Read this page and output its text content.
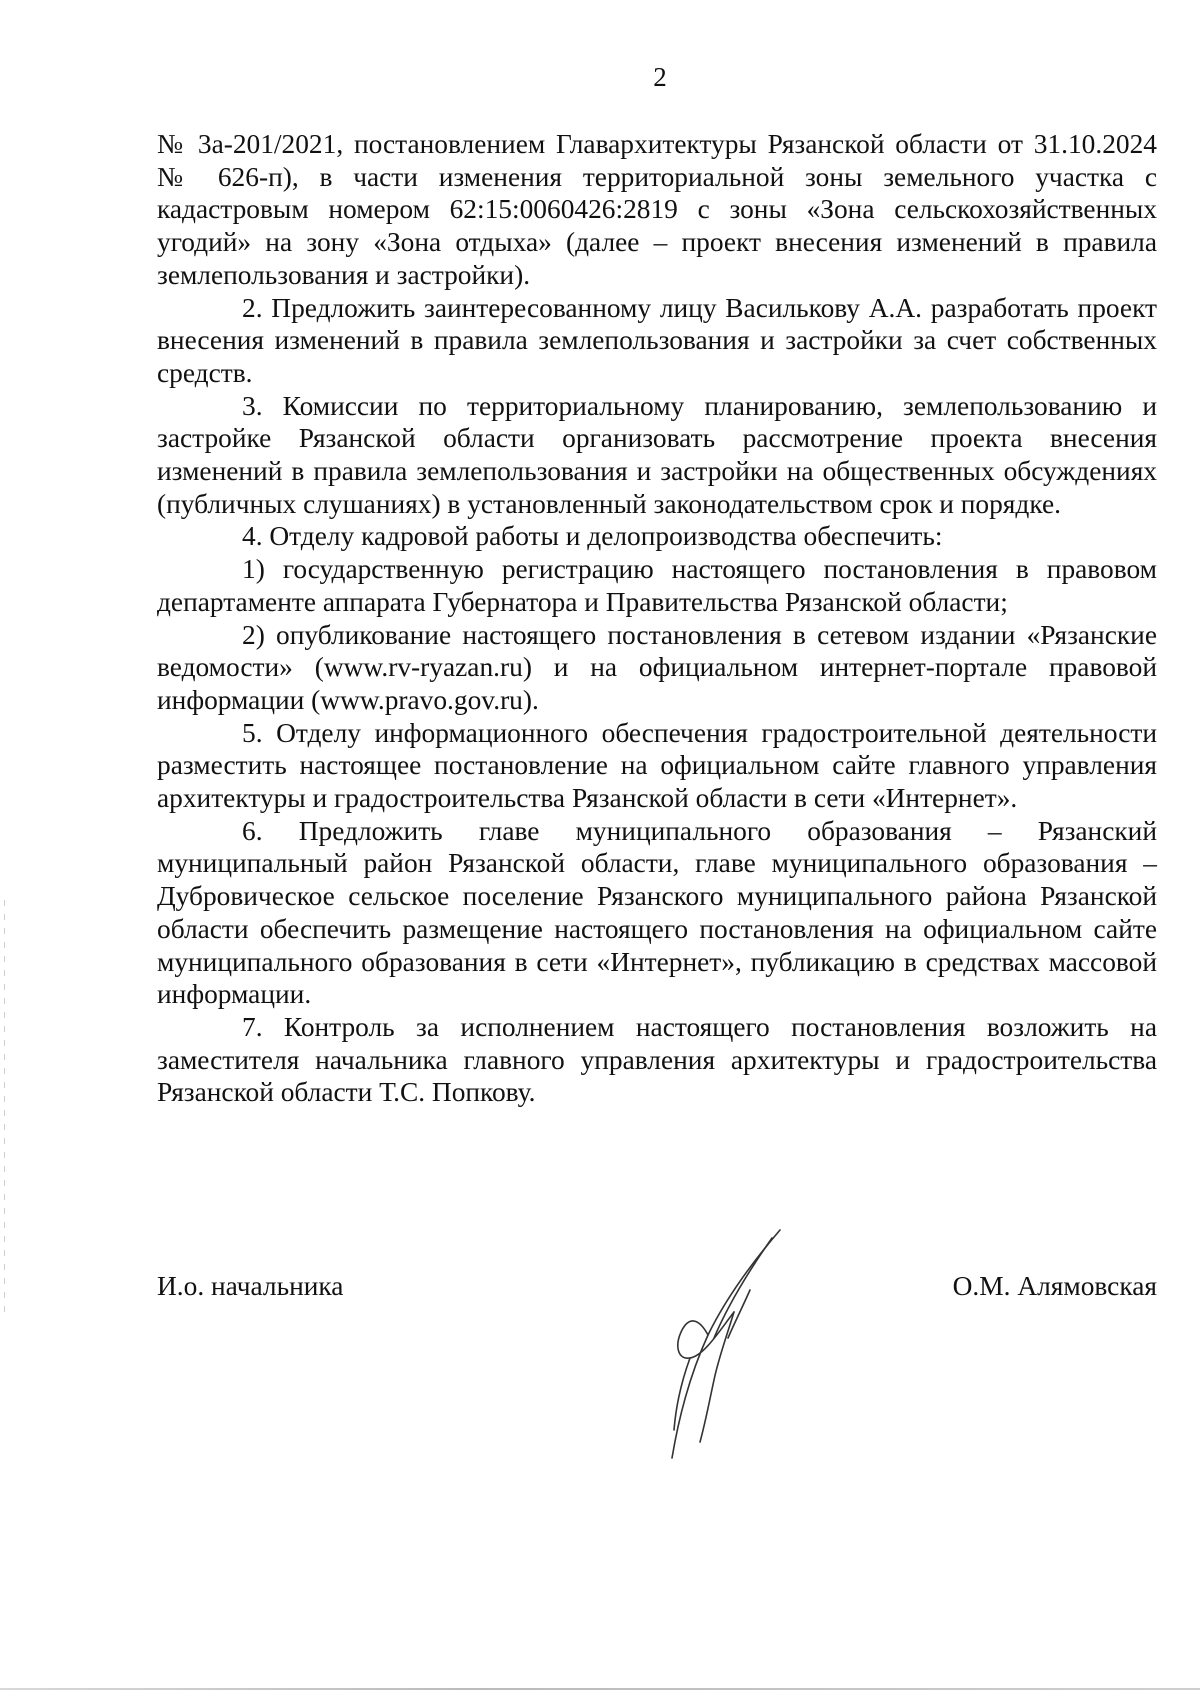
2

№ 3а-201/2021, постановлением Главархитектуры Рязанской области от 31.10.2024 № 626-п), в части изменения территориальной зоны земельного участка с кадастровым номером 62:15:0060426:2819 с зоны «Зона сельскохозяйственных угодий» на зону «Зона отдыха» (далее – проект внесения изменений в правила землепользования и застройки).

2. Предложить заинтересованному лицу Василькову А.А. разработать проект внесения изменений в правила землепользования и застройки за счет собственных средств.

3. Комиссии по территориальному планированию, землепользованию и застройке Рязанской области организовать рассмотрение проекта внесения изменений в правила землепользования и застройки на общественных обсуждениях (публичных слушаниях) в установленный законодательством срок и порядке.

4. Отделу кадровой работы и делопроизводства обеспечить:

1) государственную регистрацию настоящего постановления в правовом департаменте аппарата Губернатора и Правительства Рязанской области;

2) опубликование настоящего постановления в сетевом издании «Рязанские ведомости» (www.rv-ryazan.ru) и на официальном интернет-портале правовой информации (www.pravo.gov.ru).

5. Отделу информационного обеспечения градостроительной деятельности разместить настоящее постановление на официальном сайте главного управления архитектуры и градостроительства Рязанской области в сети «Интернет».

6. Предложить главе муниципального образования – Рязанский муниципальный район Рязанской области, главе муниципального образования – Дубровическое сельское поселение Рязанского муниципального района Рязанской области обеспечить размещение настоящего постановления на официальном сайте муниципального образования в сети «Интернет», публикацию в средствах массовой информации.

7. Контроль за исполнением настоящего постановления возложить на заместителя начальника главного управления архитектуры и градостроительства Рязанской области Т.С. Попкову.

И.о. начальника	О.М. Алямовская
